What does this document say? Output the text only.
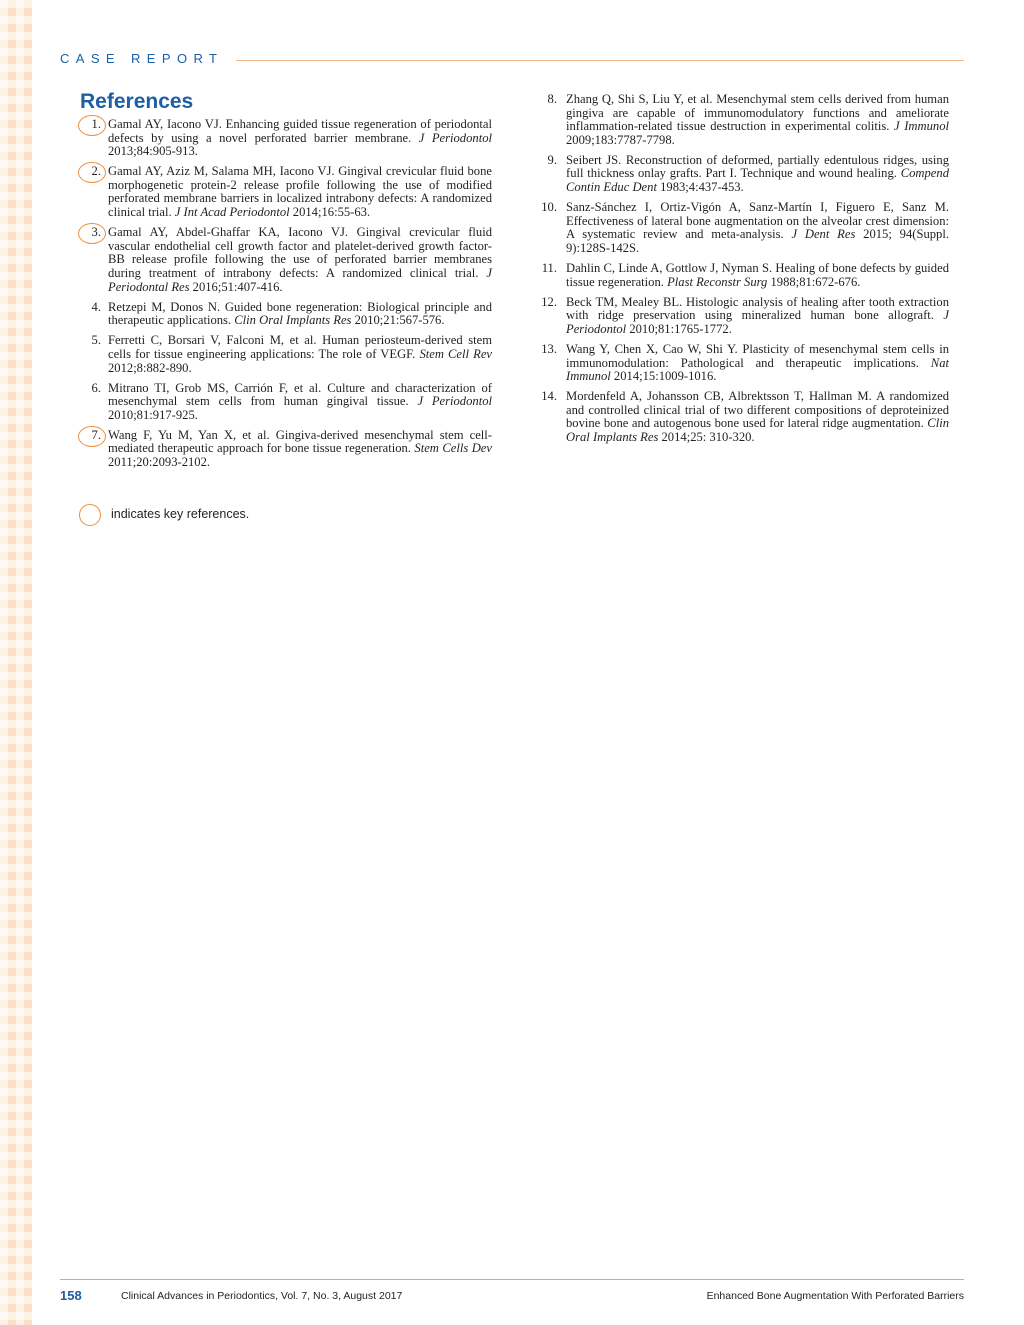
CASE REPORT
References
1. Gamal AY, Iacono VJ. Enhancing guided tissue regeneration of periodontal defects by using a novel perforated barrier membrane. J Periodontol 2013;84:905-913.
2. Gamal AY, Aziz M, Salama MH, Iacono VJ. Gingival crevicular fluid bone morphogenetic protein-2 release profile following the use of modified perforated membrane barriers in localized intrabony defects: A randomized clinical trial. J Int Acad Periodontol 2014;16:55-63.
3. Gamal AY, Abdel-Ghaffar KA, Iacono VJ. Gingival crevicular fluid vascular endothelial cell growth factor and platelet-derived growth factor-BB release profile following the use of perforated barrier membranes during treatment of intrabony defects: A randomized clinical trial. J Periodontal Res 2016;51:407-416.
4. Retzepi M, Donos N. Guided bone regeneration: Biological principle and therapeutic applications. Clin Oral Implants Res 2010;21:567-576.
5. Ferretti C, Borsari V, Falconi M, et al. Human periosteum-derived stem cells for tissue engineering applications: The role of VEGF. Stem Cell Rev 2012;8:882-890.
6. Mitrano TI, Grob MS, Carrión F, et al. Culture and characterization of mesenchymal stem cells from human gingival tissue. J Periodontol 2010;81:917-925.
7. Wang F, Yu M, Yan X, et al. Gingiva-derived mesenchymal stem cell-mediated therapeutic approach for bone tissue regeneration. Stem Cells Dev 2011;20:2093-2102.
8. Zhang Q, Shi S, Liu Y, et al. Mesenchymal stem cells derived from human gingiva are capable of immunomodulatory functions and ameliorate inflammation-related tissue destruction in experimental colitis. J Immunol 2009;183:7787-7798.
9. Seibert JS. Reconstruction of deformed, partially edentulous ridges, using full thickness onlay grafts. Part I. Technique and wound healing. Compend Contin Educ Dent 1983;4:437-453.
10. Sanz-Sánchez I, Ortiz-Vigón A, Sanz-Martín I, Figuero E, Sanz M. Effectiveness of lateral bone augmentation on the alveolar crest dimension: A systematic review and meta-analysis. J Dent Res 2015; 94(Suppl. 9):128S-142S.
11. Dahlin C, Linde A, Gottlow J, Nyman S. Healing of bone defects by guided tissue regeneration. Plast Reconstr Surg 1988;81:672-676.
12. Beck TM, Mealey BL. Histologic analysis of healing after tooth extraction with ridge preservation using mineralized human bone allograft. J Periodontol 2010;81:1765-1772.
13. Wang Y, Chen X, Cao W, Shi Y. Plasticity of mesenchymal stem cells in immunomodulation: Pathological and therapeutic implications. Nat Immunol 2014;15:1009-1016.
14. Mordenfeld A, Johansson CB, Albrektsson T, Hallman M. A randomized and controlled clinical trial of two different compositions of deproteinized bovine bone and autogenous bone used for lateral ridge augmentation. Clin Oral Implants Res 2014;25: 310-320.
indicates key references.
158	Clinical Advances in Periodontics, Vol. 7, No. 3, August 2017	Enhanced Bone Augmentation With Perforated Barriers
